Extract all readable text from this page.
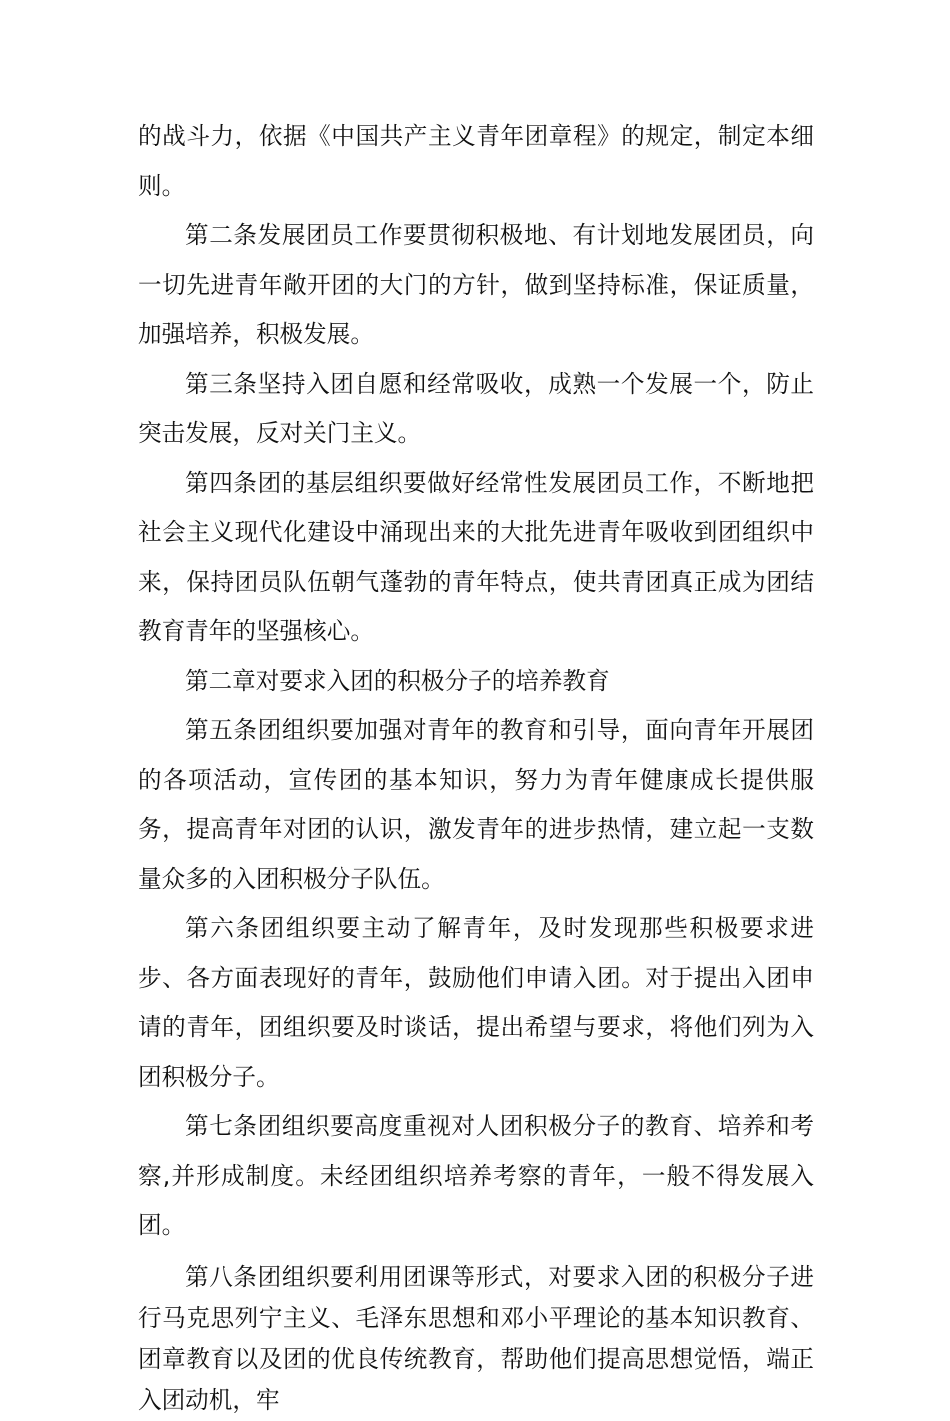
的战斗力，依据《中国共产主义青年团章程》的规定，制定本细则。

第二条发展团员工作要贯彻积极地、有计划地发展团员，向一切先进青年敞开团的大门的方针，做到坚持标准，保证质量，加强培养，积极发展。

第三条坚持入团自愿和经常吸收，成熟一个发展一个，防止突击发展，反对关门主义。

第四条团的基层组织要做好经常性发展团员工作，不断地把社会主义现代化建设中涌现出来的大批先进青年吸收到团组织中来，保持团员队伍朝气蓬勃的青年特点，使共青团真正成为团结教育青年的坚强核心。

第二章对要求入团的积极分子的培养教育

第五条团组织要加强对青年的教育和引导，面向青年开展团的各项活动，宣传团的基本知识，努力为青年健康成长提供服务，提高青年对团的认识，激发青年的进步热情，建立起一支数量众多的入团积极分子队伍。

第六条团组织要主动了解青年，及时发现那些积极要求进步、各方面表现好的青年，鼓励他们申请入团。对于提出入团申请的青年，团组织要及时谈话，提出希望与要求，将他们列为入团积极分子。

第七条团组织要高度重视对人团积极分子的教育、培养和考察,并形成制度。未经团组织培养考察的青年，一般不得发展入团。

第八条团组织要利用团课等形式，对要求入团的积极分子进行马克思列宁主义、毛泽东思想和邓小平理论的基本知识教育、团章教育以及团的优良传统教育，帮助他们提高思想觉悟，端正入团动机，牢
